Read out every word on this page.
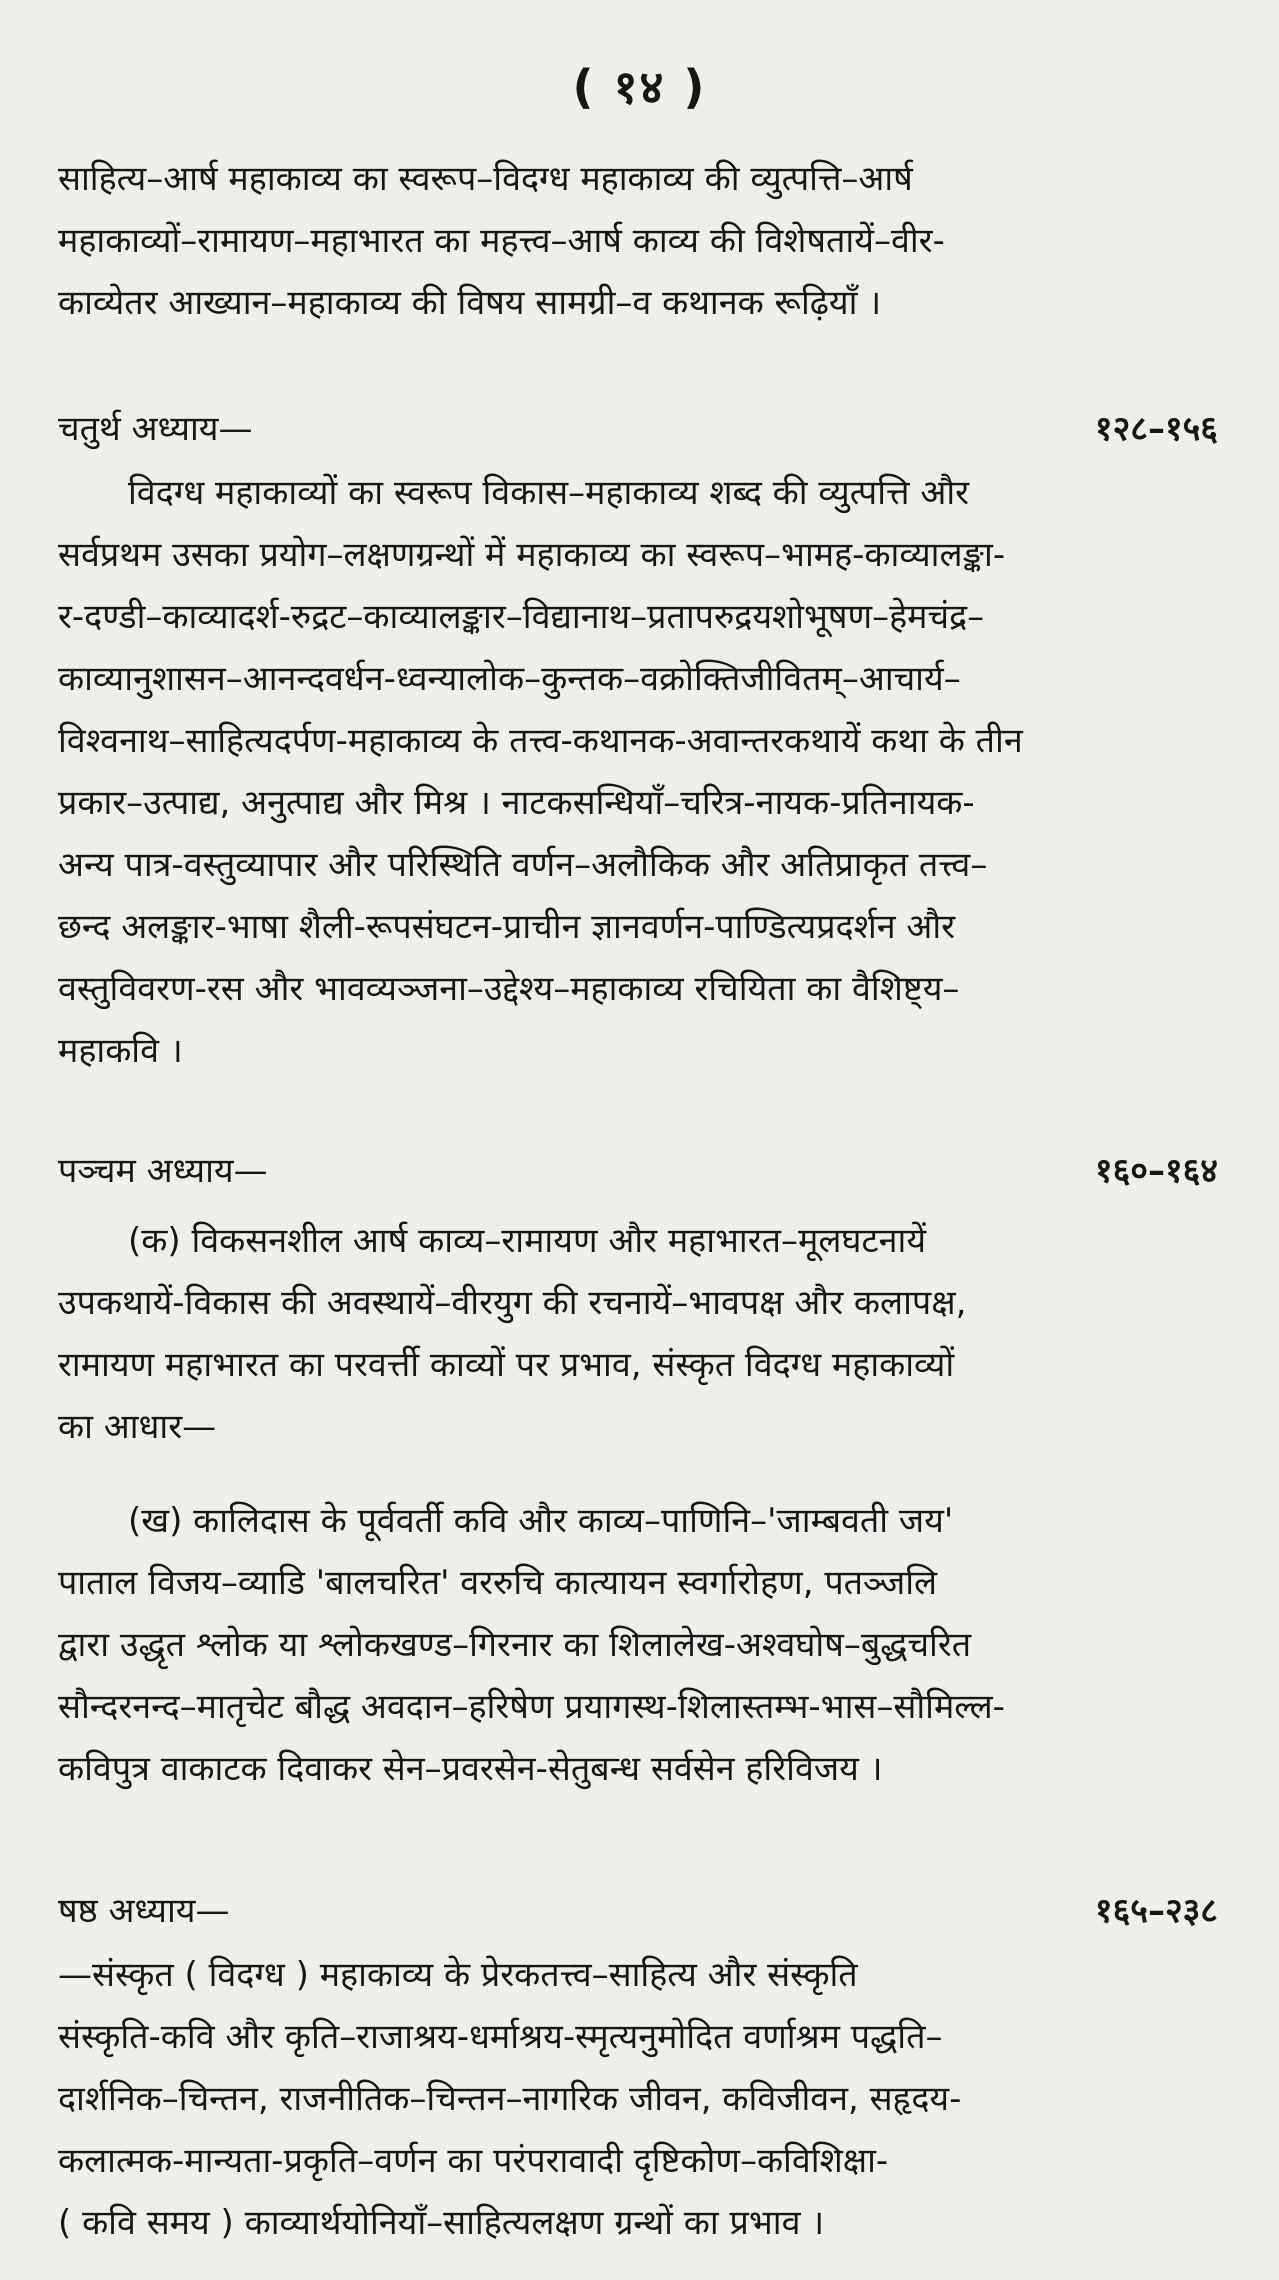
( १४ )
साहित्य–आर्ष महाकाव्य का स्वरूप–विदग्ध महाकाव्य की व्युत्पत्ति–आर्ष
महाकाव्यों–रामायण–महाभारत का महत्त्व–आर्ष काव्य की विशेषतायें–वीर-
काव्येतर आख्यान–महाकाव्य की विषय सामग्री–व कथानक रूढ़ियाँ ।
चतुर्थ अध्याय—	१२८–१५६
विदग्ध महाकाव्यों का स्वरूप विकास–महाकाव्य शब्द की व्युत्पत्ति और
सर्वप्रथम उसका प्रयोग–लक्षणग्रन्थों में महाकाव्य का स्वरूप–भामह-काव्यालङ्का-
र-दण्डी–काव्यादर्श-रुद्रट–काव्यालङ्कार–विद्यानाथ–प्रतापरुद्रयशोभूषण–हेमचंद्र–
काव्यानुशासन–आनन्दवर्धन-ध्वन्यालोक–कुन्तक–वक्रोक्तिजीवितम्–आचार्य–
विश्वनाथ–साहित्यदर्पण-महाकाव्य के तत्त्व-कथानक-अवान्तरकथायें कथा के तीन
प्रकार–उत्पाद्य, अनुत्पाद्य और मिश्र । नाटकसन्धियाँ–चरित्र-नायक-प्रतिनायक-
अन्य पात्र-वस्तुव्यापार और परिस्थिति वर्णन–अलौकिक और अतिप्राकृत तत्त्व–
छन्द अलङ्कार-भाषा शैली-रूपसंघटन-प्राचीन ज्ञानवर्णन-पाण्डित्यप्रदर्शन और
वस्तुविवरण-रस और भावव्यञ्जना–उद्देश्य–महाकाव्य रचियिता का वैशिष्ट्य–
महाकवि ।
पञ्चम अध्याय—	१६०–१६४
(क) विकसनशील आर्ष काव्य–रामायण और महाभारत–मूलघटनायें
उपकथायें-विकास की अवस्थायें–वीरयुग की रचनायें–भावपक्ष और कलापक्ष,
रामायण महाभारत का परवर्त्ती काव्यों पर प्रभाव, संस्कृत विदग्ध महाकाव्यों
का आधार—
(ख) कालिदास के पूर्ववर्ती कवि और काव्य–पाणिनि–'जाम्बवती जय'
पाताल विजय–व्याडि 'बालचरित' वररुचि कात्यायन स्वर्गारोहण, पतञ्जलि
द्वारा उद्धृत श्लोक या श्लोकखण्ड–गिरनार का शिलालेख-अश्वघोष–बुद्धचरित
सौन्दरनन्द–मातृचेट बौद्ध अवदान–हरिषेण प्रयागस्थ-शिलास्तम्भ-भास–सौमिल्ल-
कविपुत्र वाकाटक दिवाकर सेन–प्रवरसेन-सेतुबन्ध सर्वसेन हरिविजय ।
षष्ठ अध्याय—	१६५–२३८
—संस्कृत ( विदग्ध ) महाकाव्य के प्रेरकतत्त्व–साहित्य और संस्कृति
संस्कृति-कवि और कृति–राजाश्रय-धर्माश्रय-स्मृत्यनुमोदित वर्णाश्रम पद्धति–
दार्शनिक–चिन्तन, राजनीतिक–चिन्तन–नागरिक जीवन, कविजीवन, सहृदय-
कलात्मक-मान्यता-प्रकृति–वर्णन का परंपरावादी दृष्टिकोण–कविशिक्षा-
( कवि समय ) काव्यार्थयोनियाँ–साहित्यलक्षण ग्रन्थों का प्रभाव ।
